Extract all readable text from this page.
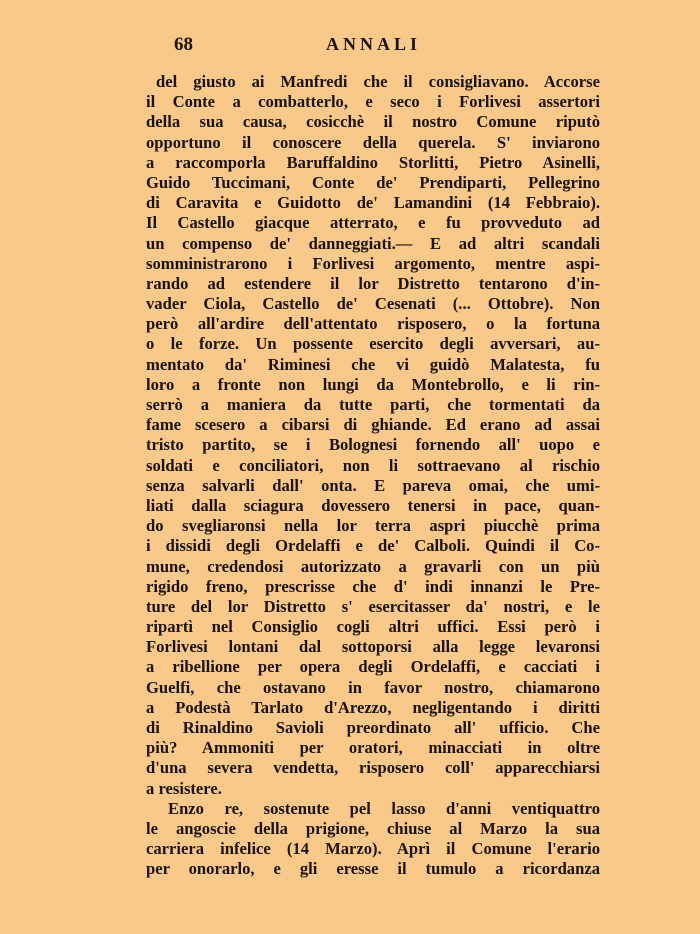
68	ANNALI
del giusto ai Manfredi che il consigliavano. Accorse
il Conte a combatterlo, e seco i Forlivesi assertori
della sua causa, cosicchè il nostro Comune riputò
opportuno il conoscere della querela. S' inviarono
a raccomporla Baruffaldino Storlitti, Pietro Asinelli,
Guido Tuccimani, Conte de' Prendiparti, Pellegrino
di Caravita e Guidotto de' Lamandini (14 Febbraio).
Il Castello giacque atterrato, e fu provveduto ad
un compenso de' danneggiati.— E ad altri scandali
somministrarono i Forlivesi argomento, mentre aspi-
rando ad estendere il lor Distretto tentarono d'in-
vader Ciola, Castello de' Cesenati (... Ottobre). Non
però all'ardire dell'attentato risposero, o la fortuna
o le forze. Un possente esercito degli avversari, au-
mentato da' Riminesi che vi guidò Malatesta, fu
loro a fronte non lungi da Montebrollo, e li rin-
serrò a maniera da tutte parti, che tormentati da
fame scesero a cibarsi di ghiande. Ed erano ad assai
tristo partito, se i Bolognesi fornendo all' uopo e
soldati e conciliatori, non li sottraevano al rischio
senza salvarli dall' onta. E pareva omai, che umi-
liati dalla sciagura dovessero tenersi in pace, quan-
do svegliaronsi nella lor terra aspri piucchè prima
i dissidi degli Ordelaffi e de' Calboli. Quindi il Co-
mune, credendosi autorizzato a gravarli con un più
rigido freno, prescrisse che d' indi innanzi le Pre-
ture del lor Distretto s' esercitasser da' nostri, e le
ripartì nel Consiglio cogli altri uffici. Essi però i
Forlivesi lontani dal sottoporsi alla legge levaronsi
a ribellione per opera degli Ordelaffi, e cacciati i
Guelfi, che ostavano in favor nostro, chiamarono
a Podestà Tarlato d'Arezzo, negligentando i diritti
di Rinaldino Savioli preordinato all' ufficio. Che
più? Ammoniti per oratori, minacciati in oltre
d'una severa vendetta, risposero coll' apparecchiarsi
a resistere.
Enzo re, sostenute pel lasso d'anni ventiquattro
le angoscie della prigione, chiuse al Marzo la sua
carriera infelice (14 Marzo). Aprì il Comune l'erario
per onorarlo, e gli eresse il tumulo a ricordanza
